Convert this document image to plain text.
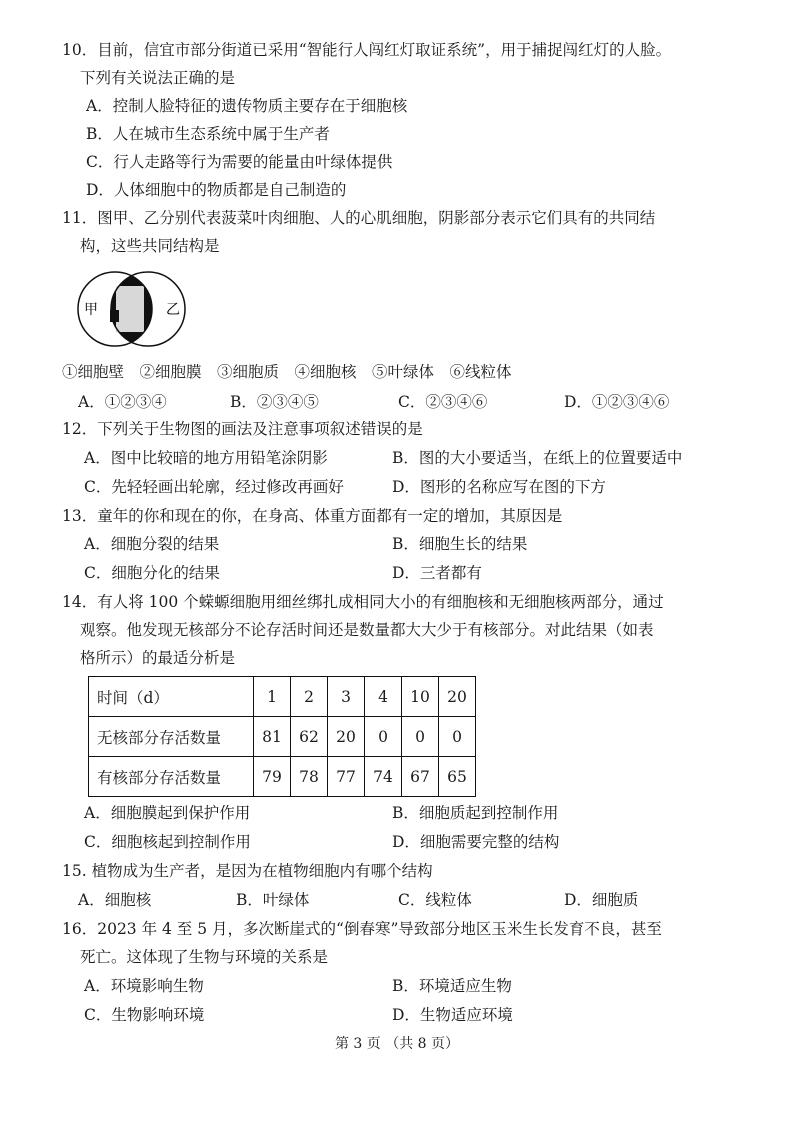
10．目前，信宜市部分街道已采用“智能行人闯红灯取证系统”，用于捕捉闯红灯的人脸。
下列有关说法正确的是
A．控制人脸特征的遗传物质主要存在于细胞核
B．人在城市生态系统中属于生产者
C．行人走路等行为需要的能量由叶绿体提供
D．人体细胞中的物质都是自己制造的
11．图甲、乙分别代表菠菜叶肉细胞、人的心肌细胞，阴影部分表示它们具有的共同结
构，这些共同结构是
甲	乙
①细胞壁　②细胞膜　③细胞质　④细胞核　⑤叶绿体　⑥线粒体
A．①②③④	B．②③④⑤	C．②③④⑥	D．①②③④⑥
12．下列关于生物图的画法及注意事项叙述错误的是
A．图中比较暗的地方用铅笔涂阴影	B．图的大小要适当，在纸上的位置要适中
C．先轻轻画出轮廓，经过修改再画好	D．图形的名称应写在图的下方
13．童年的你和现在的你，在身高、体重方面都有一定的增加，其原因是
A．细胞分裂的结果	B．细胞生长的结果
C．细胞分化的结果	D．三者都有
14．有人将 100 个蝾螈细胞用细丝绑扎成相同大小的有细胞核和无细胞核两部分，通过
观察。他发现无核部分不论存活时间还是数量都大大少于有核部分。对此结果（如表
格所示）的最适分析是
时间（d）	1	2	3	4	10	20
无核部分存活数量	81	62	20	0	0	0
有核部分存活数量	79	78	77	74	67	65
A．细胞膜起到保护作用	B．细胞质起到控制作用
C．细胞核起到控制作用	D．细胞需要完整的结构
15. 植物成为生产者，是因为在植物细胞内有哪个结构
A．细胞核	B．叶绿体	C．线粒体	D．细胞质
16．2023 年 4 至 5 月，多次断崖式的“倒春寒”导致部分地区玉米生长发育不良，甚至
死亡。这体现了生物与环境的关系是
A．环境影响生物	B．环境适应生物
C．生物影响环境	D．生物适应环境
第 3 页 （共 8 页）
